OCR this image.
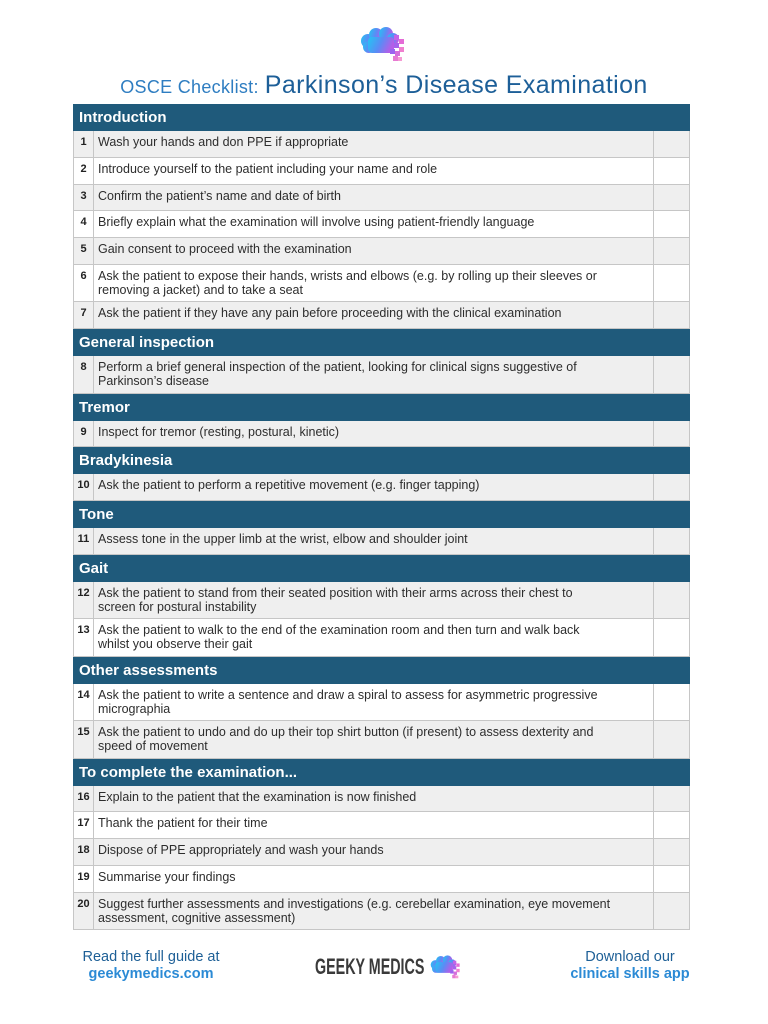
OSCE Checklist: Parkinson’s Disease Examination
Introduction
1 Wash your hands and don PPE if appropriate
2 Introduce yourself to the patient including your name and role
3 Confirm the patient’s name and date of birth
4 Briefly explain what the examination will involve using patient-friendly language
5 Gain consent to proceed with the examination
6 Ask the patient to expose their hands, wrists and elbows (e.g. by rolling up their sleeves or
removing a jacket) and to take a seat
7 Ask the patient if they have any pain before proceeding with the clinical examination
General inspection
8 Perform a brief general inspection of the patient, looking for clinical signs suggestive of
Parkinson’s disease
Tremor
9 Inspect for tremor (resting, postural, kinetic)
Bradykinesia
10 Ask the patient to perform a repetitive movement (e.g. finger tapping)
Tone
11 Assess tone in the upper limb at the wrist, elbow and shoulder joint
Gait
12 Ask the patient to stand from their seated position with their arms across their chest to
screen for postural instability
13 Ask the patient to walk to the end of the examination room and then turn and walk back
whilst you observe their gait
Other assessments
14 Ask the patient to write a sentence and draw a spiral to assess for asymmetric progressive
micrographia
15 Ask the patient to undo and do up their top shirt button (if present) to assess dexterity and
speed of movement
To complete the examination...
16 Explain to the patient that the examination is now finished
17 Thank the patient for their time
18 Dispose of PPE appropriately and wash your hands
19 Summarise your findings
20 Suggest further assessments and investigations (e.g. cerebellar examination, eye movement
assessment, cognitive assessment)
Read the full guide at
geekymedics.com	GEEKY MEDICS	Download our
clinical skills app
